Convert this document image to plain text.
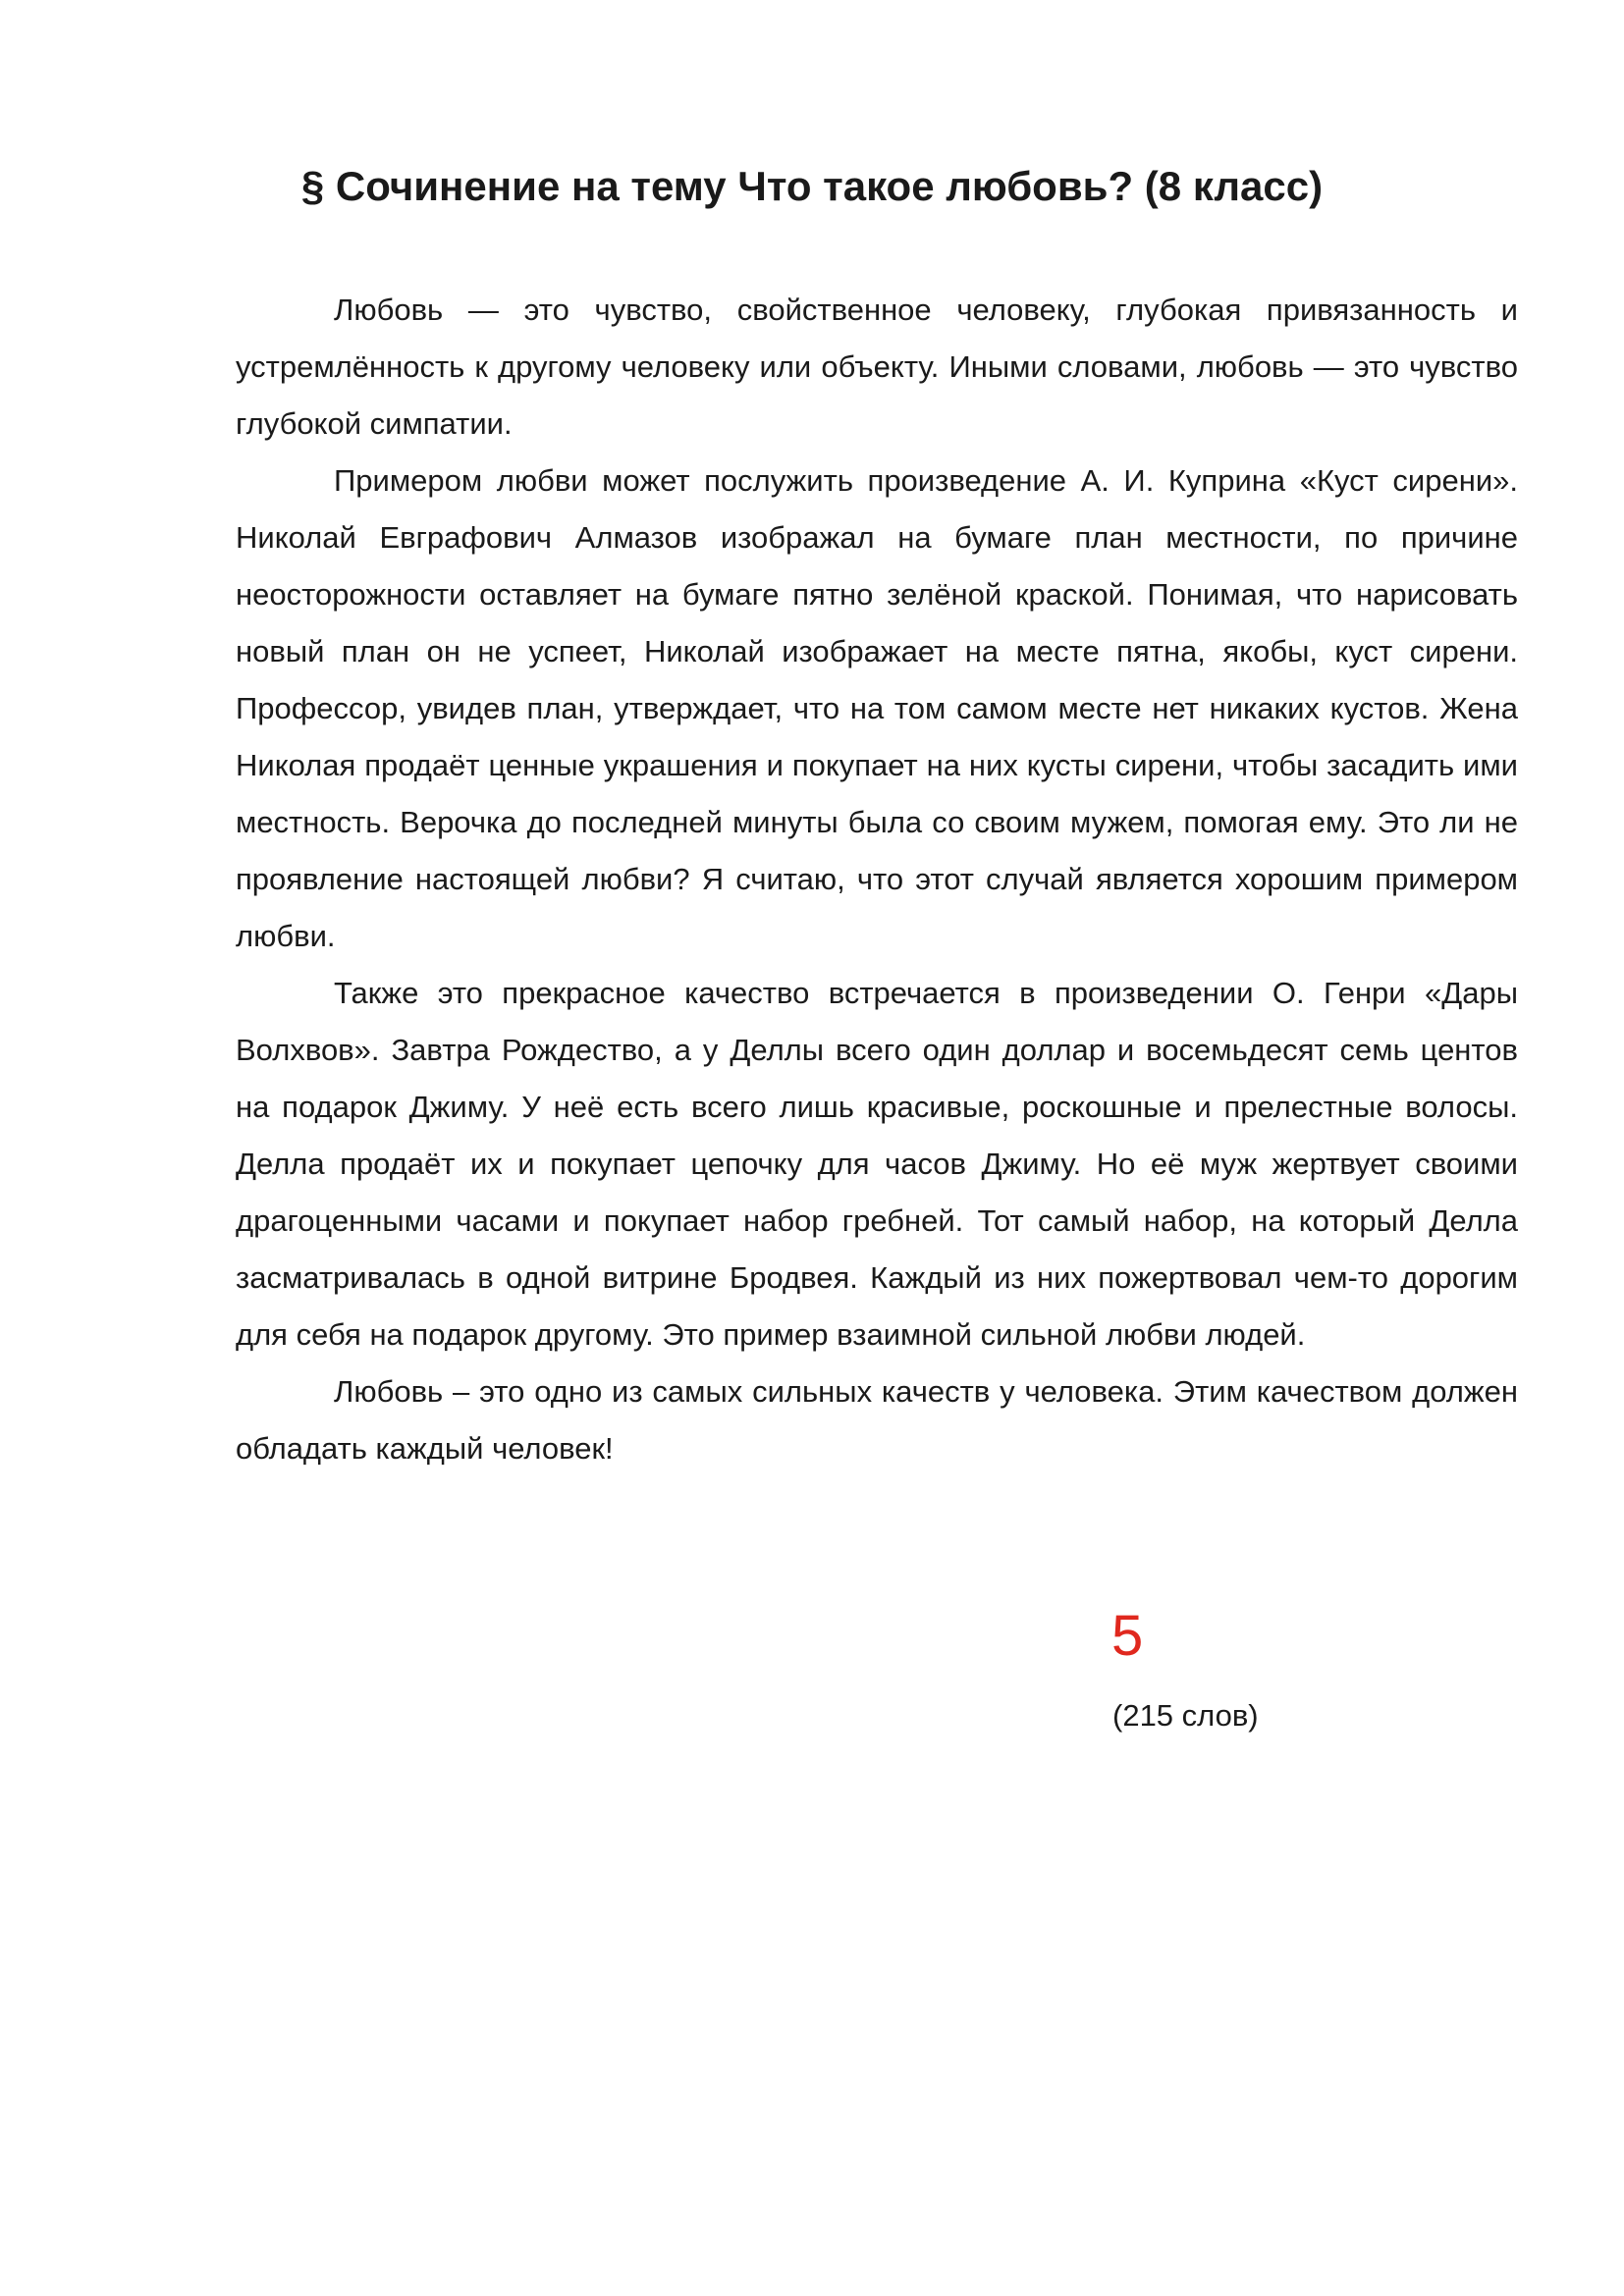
§ Сочинение на тему Что такое любовь? (8 класс)

Любовь — это чувство, свойственное человеку, глубокая привязанность и устремлённость к другому человеку или объекту. Иными словами, любовь — это чувство глубокой симпатии.

Примером любви может послужить произведение А. И. Куприна «Куст сирени». Николай Евграфович Алмазов изображал на бумаге план местности, по причине неосторожности оставляет на бумаге пятно зелёной краской. Понимая, что нарисовать новый план он не успеет, Николай изображает на месте пятна, якобы, куст сирени. Профессор, увидев план, утверждает, что на том самом месте нет никаких кустов. Жена Николая продаёт ценные украшения и покупает на них кусты сирени, чтобы засадить ими местность. Верочка до последней минуты была со своим мужем, помогая ему. Это ли не проявление настоящей любви? Я считаю, что этот случай является хорошим примером любви.

Также это прекрасное качество встречается в произведении О. Генри «Дары Волхвов». Завтра Рождество, а у Деллы всего один доллар и восемьдесят семь центов на подарок Джиму. У неё есть всего лишь красивые, роскошные и прелестные волосы. Делла продаёт их и покупает цепочку для часов Джиму. Но её муж жертвует своими драгоценными часами и покупает набор гребней. Тот самый набор, на который Делла засматривалась в одной витрине Бродвея. Каждый из них пожертвовал чем-то дорогим для себя на подарок другому. Это пример взаимной сильной любви людей.

Любовь – это одно из самых сильных качеств у человека. Этим качеством должен обладать каждый человек!

5
(215 слов)
